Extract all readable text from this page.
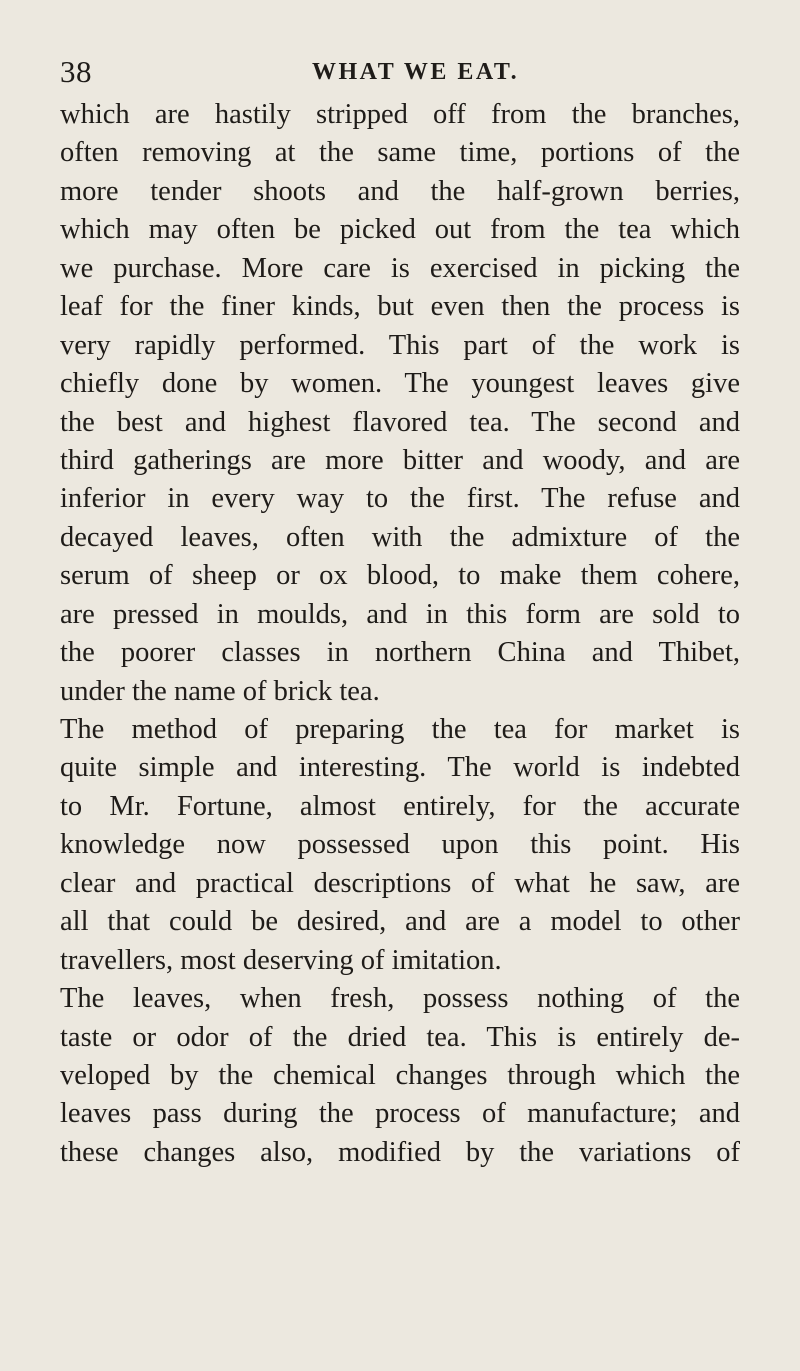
38	WHAT WE EAT.
which are hastily stripped off from the branches,
often removing at the same time, portions of the
more tender shoots and the half-grown berries,
which may often be picked out from the tea which
we purchase. More care is exercised in picking the
leaf for the finer kinds, but even then the process is
very rapidly performed. This part of the work is
chiefly done by women. The youngest leaves give
the best and highest flavored tea. The second and
third gatherings are more bitter and woody, and are
inferior in every way to the first. The refuse and
decayed leaves, often with the admixture of the
serum of sheep or ox blood, to make them cohere,
are pressed in moulds, and in this form are sold to
the poorer classes in northern China and Thibet,
under the name of brick tea.
The method of preparing the tea for market is
quite simple and interesting. The world is indebted
to Mr. Fortune, almost entirely, for the accurate
knowledge now possessed upon this point. His
clear and practical descriptions of what he saw, are
all that could be desired, and are a model to other
travellers, most deserving of imitation.
The leaves, when fresh, possess nothing of the
taste or odor of the dried tea. This is entirely de-
veloped by the chemical changes through which the
leaves pass during the process of manufacture; and
these changes also, modified by the variations of
